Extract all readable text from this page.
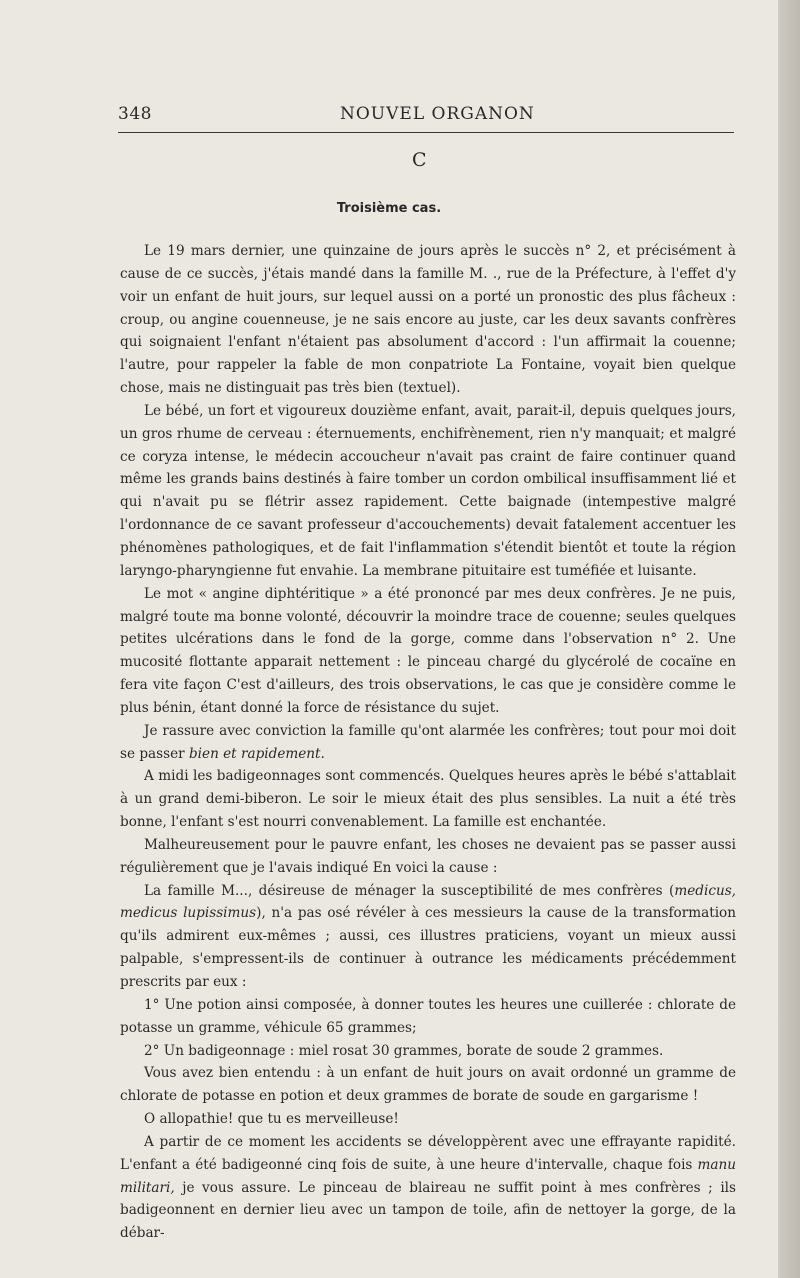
348	NOUVEL ORGANON
C
Troisième cas.

Le 19 mars dernier, une quinzaine de jours après le succès n° 2, et précisément à cause de ce succès, j'étais mandé dans la famille M. ., rue de la Préfecture, à l'effet d'y voir un enfant de huit jours, sur lequel aussi on a porté un pronostic des plus fâcheux : croup, ou angine couenneuse, je ne sais encore au juste, car les deux savants confrères qui soignaient l'enfant n'étaient pas absolument d'accord : l'un affirmait la couenne; l'autre, pour rappeler la fable de mon conpatriote La Fontaine, voyait bien quelque chose, mais ne distinguait pas très bien (textuel).

Le bébé, un fort et vigoureux douzième enfant, avait, parait-il, depuis quelques jours, un gros rhume de cerveau : éternuements, enchifrènement, rien n'y manquait; et malgré ce coryza intense, le médecin accoucheur n'avait pas craint de faire continuer quand même les grands bains destinés à faire tomber un cordon ombilical insuffisamment lié et qui n'avait pu se flétrir assez rapidement. Cette baignade (intempestive malgré l'ordonnance de ce savant professeur d'accouchements) devait fatalement accentuer les phénomènes pathologiques, et de fait l'inflammation s'étendit bientôt et toute la région laryngo-pharyngienne fut envahie. La membrane pituitaire est tuméfiée et luisante.

Le mot « angine diphtéritique » a été prononcé par mes deux confrères. Je ne puis, malgré toute ma bonne volonté, découvrir la moindre trace de couenne; seules quelques petites ulcérations dans le fond de la gorge, comme dans l'observation n° 2. Une mucosité flottante apparait nettement : le pinceau chargé du glycérolé de cocaïne en fera vite façon C'est d'ailleurs, des trois observations, le cas que je considère comme le plus bénin, étant donné la force de résistance du sujet.

Je rassure avec conviction la famille qu'ont alarmée les confrères; tout pour moi doit se passer bien et rapidement.

A midi les badigeonnages sont commencés. Quelques heures après le bébé s'attablait à un grand demi-biberon. Le soir le mieux était des plus sensibles. La nuit a été très bonne, l'enfant s'est nourri convenablement. La famille est enchantée.

Malheureusement pour le pauvre enfant, les choses ne devaient pas se passer aussi régulièrement que je l'avais indiqué En voici la cause :

La famille M..., désireuse de ménager la susceptibilité de mes confrères (medicus, medicus lupissimus), n'a pas osé révéler à ces messieurs la cause de la transformation qu'ils admirent eux-mêmes ; aussi, ces illustres praticiens, voyant un mieux aussi palpable, s'empressent-ils de continuer à outrance les médicaments précédemment prescrits par eux :

1° Une potion ainsi composée, à donner toutes les heures une cuillerée : chlorate de potasse un gramme, véhicule 65 grammes;

2° Un badigeonnage : miel rosat 30 grammes, borate de soude 2 grammes.

Vous avez bien entendu : à un enfant de huit jours on avait ordonné un gramme de chlorate de potasse en potion et deux grammes de borate de soude en gargarisme !

O allopathie! que tu es merveilleuse!

A partir de ce moment les accidents se développèrent avec une effrayante rapidité. L'enfant a été badigeonné cinq fois de suite, à une heure d'intervalle, chaque fois manu militari, je vous assure. Le pinceau de blaireau ne suffit point à mes confrères ; ils badigeonnent en dernier lieu avec un tampon de toile, afin de nettoyer la gorge, de la débar-
